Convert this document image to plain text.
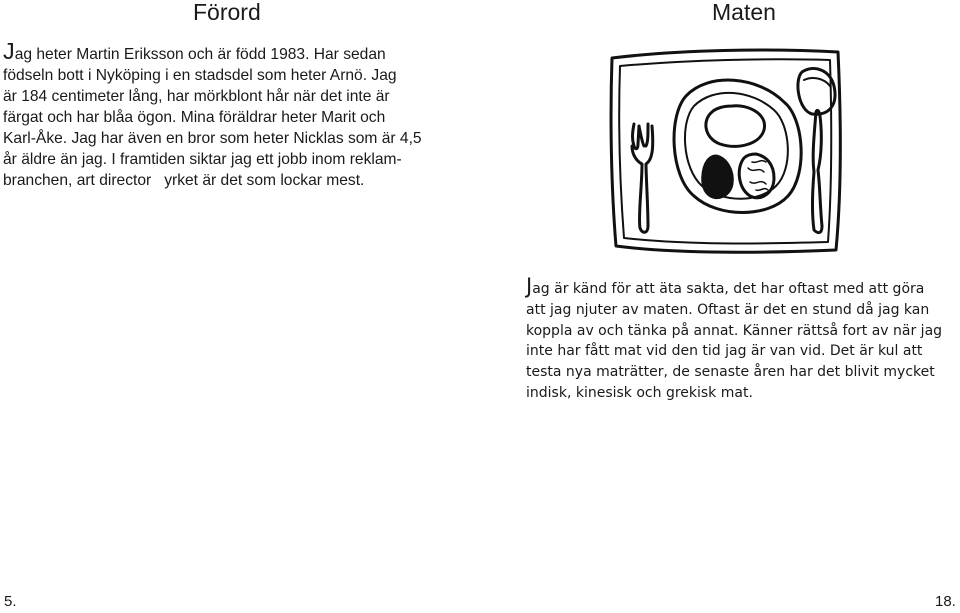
Förord
Jag heter Martin Eriksson och är född 1983. Har sedan
födseln bott i Nyköping i en stadsdel som heter Arnö. Jag
är 184 centimeter lång, har mörkblont hår när det inte är
färgat och har blåa ögon. Mina föräldrar heter Marit och
Karl-Åke. Jag har även en bror som heter Nicklas som är 4,5
år äldre än jag. I framtiden siktar jag ett jobb inom reklam-
branchen, art director   yrket är det som lockar mest.
5.
Maten
Jag är känd för att äta sakta, det har oftast med att göra
att jag njuter av maten. Oftast är det en stund då jag kan
koppla av och tänka på annat. Känner rättså fort av när jag
inte har fått mat vid den tid jag är van vid. Det är kul att
testa nya maträtter, de senaste åren har det blivit mycket
indisk, kinesisk och grekisk mat.
18.
